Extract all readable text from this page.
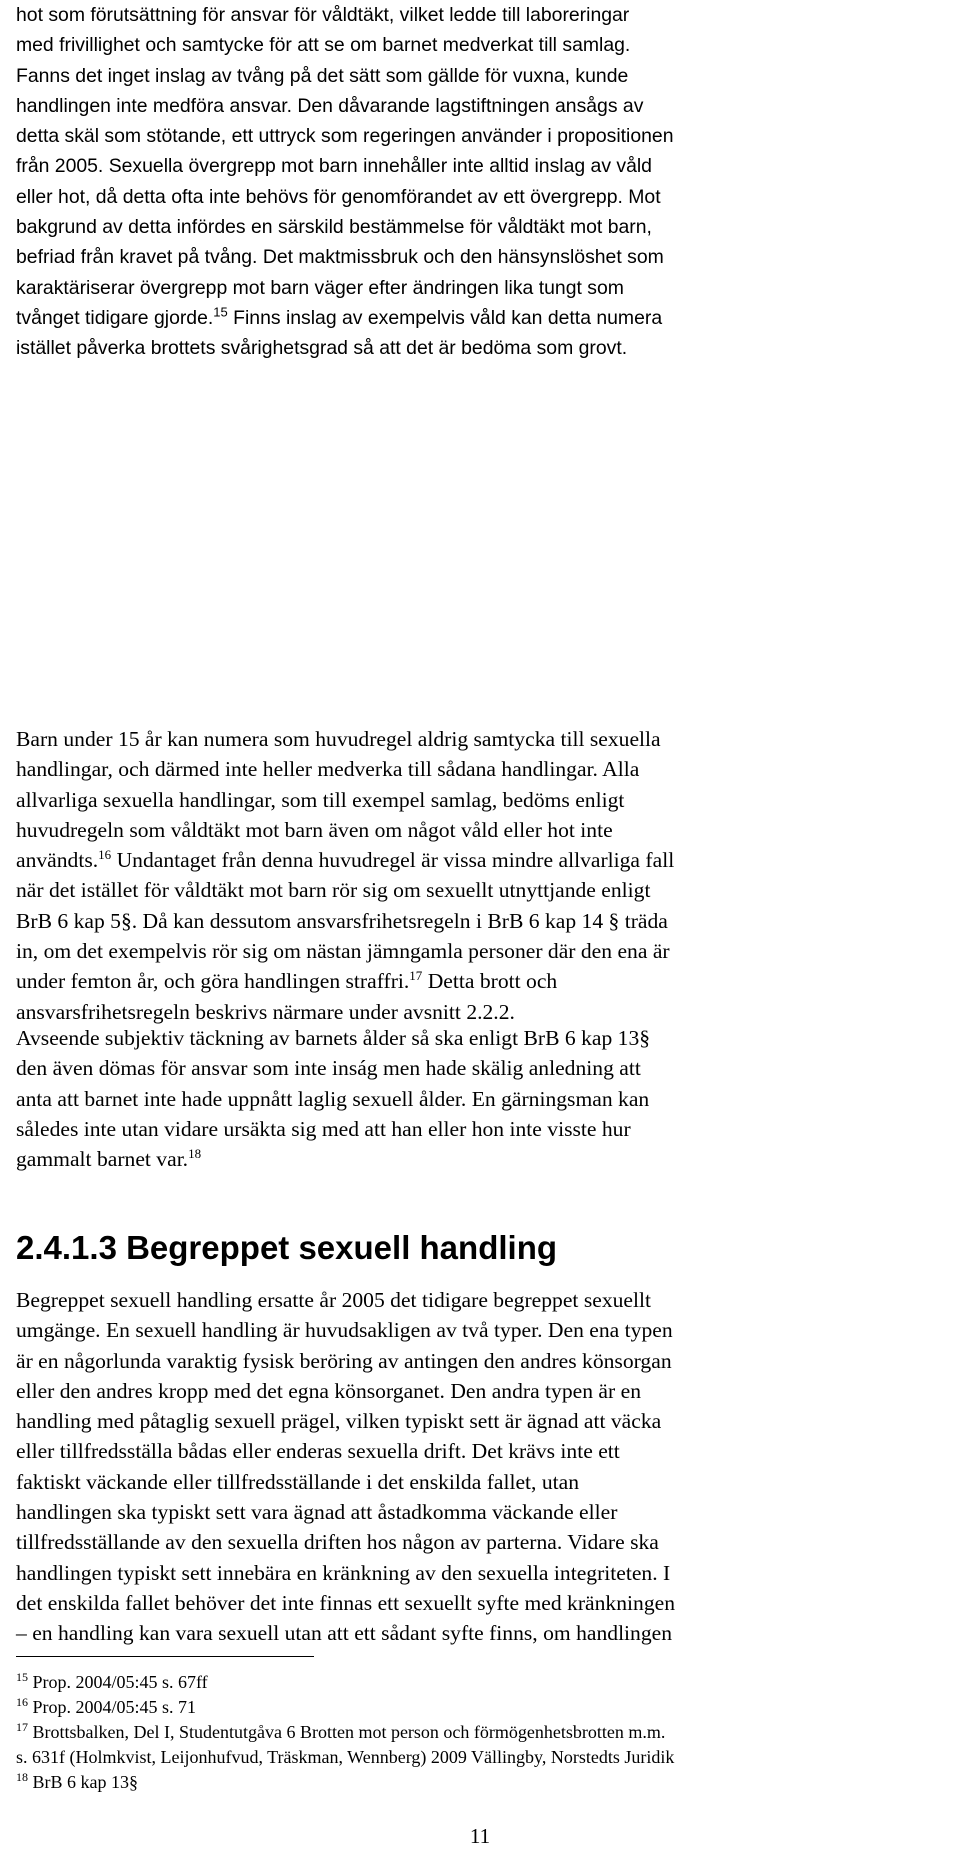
hot som förutsättning för ansvar för våldtäkt, vilket ledde till laboreringar
med frivillighet och samtycke för att se om barnet medverkat till samlag.
Fanns det inget inslag av tvång på det sätt som gällde för vuxna, kunde
handlingen inte medföra ansvar. Den dåvarande lagstiftningen ansågs av
detta skäl som stötande, ett uttryck som regeringen använder i propositionen
från 2005. Sexuella övergrepp mot barn innehåller inte alltid inslag av våld
eller hot, då detta ofta inte behövs för genomförandet av ett övergrepp. Mot
bakgrund av detta infördes en särskild bestämmelse för våldtäkt mot barn,
befriad från kravet på tvång. Det maktmissbruk och den hänsynslöshet som
karaktäriserar övergrepp mot barn väger efter ändringen lika tungt som
tvånget tidigare gjorde.$^{15}$ Finns inslag av exempelvis våld kan detta numera
istället påverka brottets svårighetsgrad så att det är bedöma som grovt.

Barn under 15 år kan numera som huvudregel aldrig samtycka till sexuella
handlingar, och därmed inte heller medverka till sådana handlingar. Alla
allvarliga sexuella handlingar, som till exempel samlag, bedöms enligt
huvudregeln som våldtäkt mot barn även om något våld eller hot inte
användts.$^{16}$ Undantaget från denna huvudregel är vissa mindre allvarliga fall
när det istället för våldtäkt mot barn rör sig om sexuellt utnyttjande enligt
BrB 6 kap 5§. Då kan dessutom ansvarsfrihetsregeln i BrB 6 kap 14 § träda
in, om det exempelvis rör sig om nästan jämngamla personer där den ena är
under femton år, och göra handlingen straffri.$^{17}$ Detta brott och
ansvarsfrihetsregeln beskrivs närmare under avsnitt 2.2.2.

Avseende subjektiv täckning av barnets ålder så ska enligt BrB 6 kap 13§
den även dömas för ansvar som inte inság men hade skälig anledning att
anta att barnet inte hade uppnått laglig sexuell ålder. En gärningsman kan
således inte utan vidare ursäkta sig med att han eller hon inte visste hur
gammalt barnet var.$^{18}$

2.4.1.3 Begreppet sexuell handling

Begreppet sexuell handling ersatte år 2005 det tidigare begreppet sexuellt
umgänge. En sexuell handling är huvudsakligen av två typer. Den ena typen
är en någorlunda varaktig fysisk beröring av antingen den andres könsorgan
eller den andres kropp med det egna könsorganet. Den andra typen är en
handling med påtaglig sexuell prägel, vilken typiskt sett är ägnad att väcka
eller tillfredsställa bådas eller enderas sexuella drift. Det krävs inte ett
faktiskt väckande eller tillfredsställande i det enskilda fallet, utan
handlingen ska typiskt sett vara ägnad att åstadkomma väckande eller
tillfredsställande av den sexuella driften hos någon av parterna. Vidare ska
handlingen typiskt sett innebära en kränkning av den sexuella integriteten. I
det enskilda fallet behöver det inte finnas ett sexuellt syfte med kränkningen
– en handling kan vara sexuell utan att ett sådant syfte finns, om handlingen

$^{15}$ Prop. 2004/05:45 s. 67ff
$^{16}$ Prop. 2004/05:45 s. 71
$^{17}$ Brottsbalken, Del I, Studentutgåva 6 Brotten mot person och förmögenhetsbrotten m.m.
s. 631f (Holmkvist, Leijonhufvud, Träskman, Wennberg) 2009 Vällingby, Norstedts Juridik
$^{18}$ BrB 6 kap 13§
11
